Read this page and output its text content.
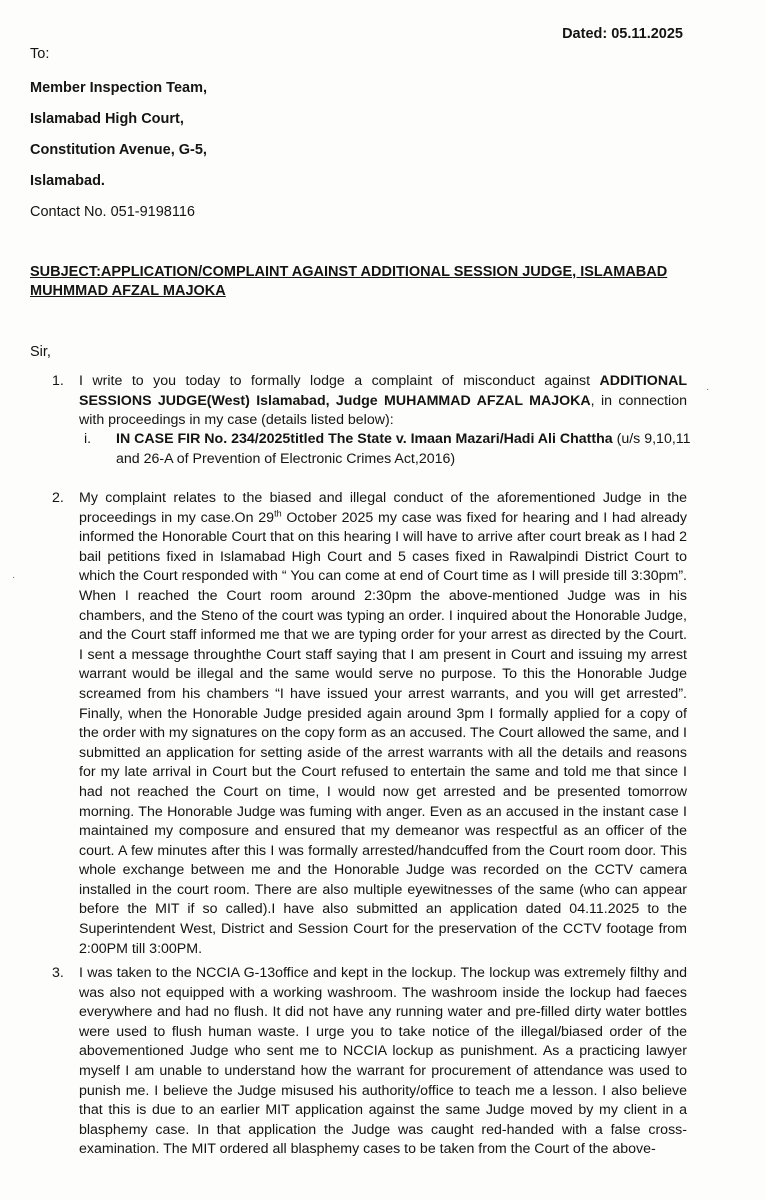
Dated: 05.11.2025
To:
Member Inspection Team,
Islamabad High Court,
Constitution Avenue, G-5,
Islamabad.
Contact No. 051-9198116
SUBJECT:APPLICATION/COMPLAINT AGAINST ADDITIONAL SESSION JUDGE, ISLAMABAD MUHMMAD AFZAL MAJOKA
Sir,
1. I write to you today to formally lodge a complaint of misconduct against ADDITIONAL SESSIONS JUDGE(West) Islamabad, Judge MUHAMMAD AFZAL MAJOKA, in connection with proceedings in my case (details listed below):
i. IN CASE FIR No. 234/2025titled The State v. Imaan Mazari/Hadi Ali Chattha (u/s 9,10,11 and 26-A of Prevention of Electronic Crimes Act,2016)
2. My complaint relates to the biased and illegal conduct of the aforementioned Judge in the proceedings in my case.On 29th October 2025 my case was fixed for hearing and I had already informed the Honorable Court that on this hearing I will have to arrive after court break as I had 2 bail petitions fixed in Islamabad High Court and 5 cases fixed in Rawalpindi District Court to which the Court responded with “ You can come at end of Court time as I will preside till 3:30pm”. When I reached the Court room around 2:30pm the above-mentioned Judge was in his chambers, and the Steno of the court was typing an order. I inquired about the Honorable Judge, and the Court staff informed me that we are typing order for your arrest as directed by the Court. I sent a message throughthe Court staff saying that I am present in Court and issuing my arrest warrant would be illegal and the same would serve no purpose. To this the Honorable Judge screamed from his chambers “I have issued your arrest warrants, and you will get arrested”. Finally, when the Honorable Judge presided again around 3pm I formally applied for a copy of the order with my signatures on the copy form as an accused. The Court allowed the same, and I submitted an application for setting aside of the arrest warrants with all the details and reasons for my late arrival in Court but the Court refused to entertain the same and told me that since I had not reached the Court on time, I would now get arrested and be presented tomorrow morning. The Honorable Judge was fuming with anger. Even as an accused in the instant case I maintained my composure and ensured that my demeanor was respectful as an officer of the court. A few minutes after this I was formally arrested/handcuffed from the Court room door. This whole exchange between me and the Honorable Judge was recorded on the CCTV camera installed in the court room. There are also multiple eyewitnesses of the same (who can appear before the MIT if so called).I have also submitted an application dated 04.11.2025 to the Superintendent West, District and Session Court for the preservation of the CCTV footage from 2:00PM till 3:00PM.
3. I was taken to the NCCIA G-13office and kept in the lockup. The lockup was extremely filthy and was also not equipped with a working washroom. The washroom inside the lockup had faeces everywhere and had no flush. It did not have any running water and pre-filled dirty water bottles were used to flush human waste. I urge you to take notice of the illegal/biased order of the abovementioned Judge who sent me to NCCIA lockup as punishment. As a practicing lawyer myself I am unable to understand how the warrant for procurement of attendance was used to punish me. I believe the Judge misused his authority/office to teach me a lesson. I also believe that this is due to an earlier MIT application against the same Judge moved by my client in a blasphemy case. In that application the Judge was caught red-handed with a false cross-examination. The MIT ordered all blasphemy cases to be taken from the Court of the above-
·
·
